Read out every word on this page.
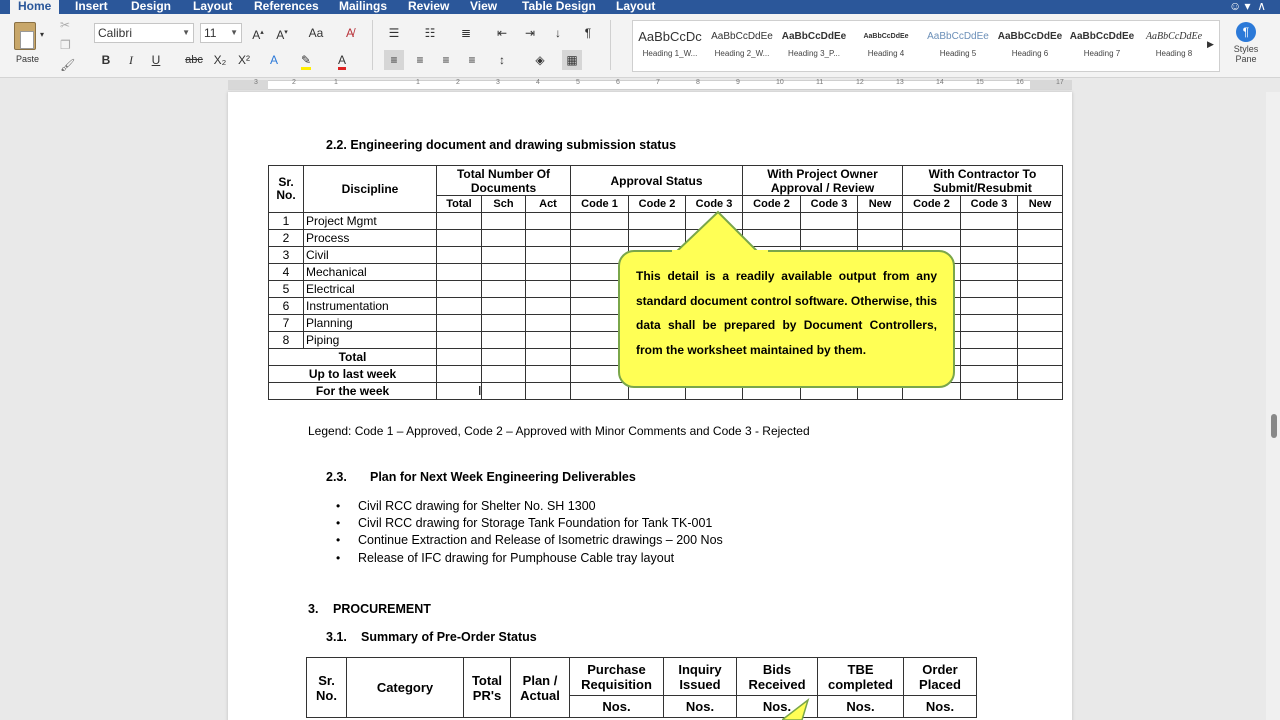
Home	Insert Design Layout References Mailings Review View Table Design Layout	☺ ▾  ∧
Paste
▾
✂
❐
🖌
Calibri	▼	11 ▼	A▴	A▾	Aa	A̸
B	I	U	abc X₂ X²	A	✎	A
☰	☷	≣	⇤	⇥	↓	¶
≡	≡	≡	≡	↕	◈	▦
AaBbCcDc
Heading 1_W...
AaBbCcDdEe
Heading 2_W...
AaBbCcDdEe
Heading 3_P...
AaBbCcDdEe
Heading 4
AaBbCcDdEe
Heading 5
AaBbCcDdEe
Heading 6
AaBbCcDdEe
Heading 7
AaBbCcDdEe
Heading 8
▶
¶
Styles Pane
3	2	1	1	2	3	4	5	6	7	8	9	10	11	12	13	14	15	16	17
2.2. Engineering document and drawing submission status
Sr. No.	Discipline	Total Number Of Documents			Approval Status			With Project Owner Approval / Review			With Contractor To Submit/Resubmit		
		Total	Sch	Act	Code 1	Code 2	Code 3	Code 2	Code 3	New	Code 2	Code 3	New
1	Project Mgmt												
2	Process												
3	Civil												
4	Mechanical												
5	Electrical												
6	Instrumentation												
7	Planning												
8	Piping												
Total													
Up to last week													
For the week													
This detail is a readily available output from any standard document control software. Otherwise, this data shall be prepared by Document Controllers, from the worksheet maintained by them.
Ⅰ
Legend: Code 1 – Approved, Code 2 – Approved with Minor Comments and Code 3 - Rejected
2.3. Plan for Next Week Engineering Deliverables
• Civil RCC drawing for Shelter No. SH 1300
• Civil RCC drawing for Storage Tank Foundation for Tank TK-001
• Continue Extraction and Release of Isometric drawings – 200 Nos
• Release of IFC drawing for Pumphouse Cable tray layout
3. PROCUREMENT
3.1. Summary of Pre-Order Status
Sr. No.	Category	Total PR's	Plan / Actual	Purchase Requisition	Inquiry Issued	Bids Received	TBE completed	Order Placed
				Nos.	Nos.	Nos.	Nos.	Nos.
